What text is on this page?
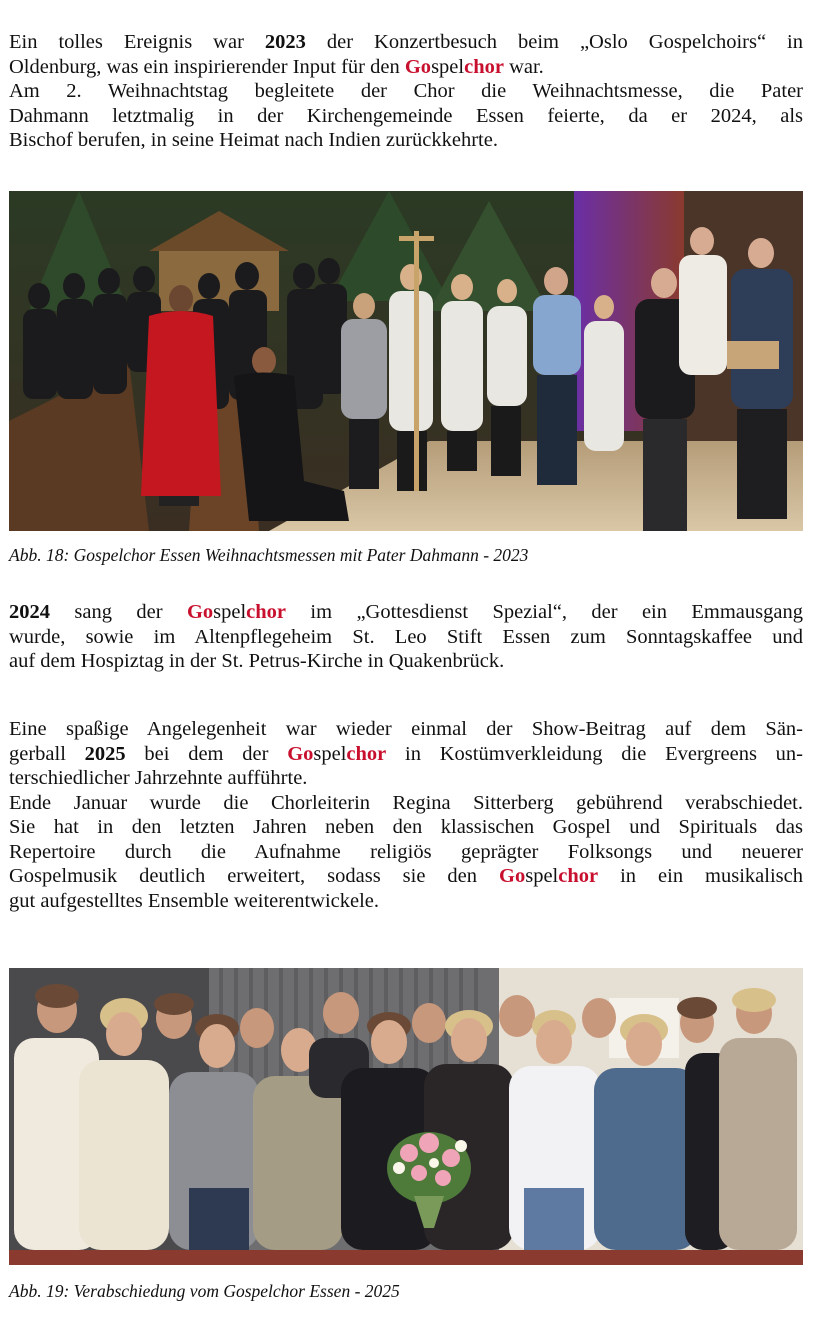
Ein tolles Ereignis war 2023 der Konzertbesuch beim „Oslo Gospelchoirs“ in
Oldenburg, was ein inspirierender Input für den Gospelchor war.
Am 2. Weihnachtstag begleitete der Chor die Weihnachtsmesse, die Pater
Dahmann letztmalig in der Kirchengemeinde Essen feierte, da er 2024, als
Bischof berufen, in seine Heimat nach Indien zurückkehrte.

Abb. 18: Gospelchor Essen Weihnachtsmessen mit Pater Dahmann - 2023

2024 sang der Gospelchor im „Gottesdienst Spezial“, der ein Emmausgang
wurde, sowie im Altenpflegeheim St. Leo Stift Essen zum Sonntagskaffee und
auf dem Hospiztag in der St. Petrus-Kirche in Quakenbrück.
Eine spaßige Angelegenheit war wieder einmal der Show-Beitrag auf dem Sän-
gerball 2025 bei dem der Gospelchor in Kostümverkleidung die Evergreens un-
terschiedlicher Jahrzehnte aufführte.
Ende Januar wurde die Chorleiterin Regina Sitterberg gebührend verabschiedet.
Sie hat in den letzten Jahren neben den klassischen Gospel und Spirituals das
Repertoire durch die Aufnahme religiös geprägter Folksongs und neuerer
Gospelmusik deutlich erweitert, sodass sie den Gospelchor in ein musikalisch
gut aufgestelltes Ensemble weiterentwickele.

Abb. 19: Verabschiedung vom Gospelchor Essen - 2025
